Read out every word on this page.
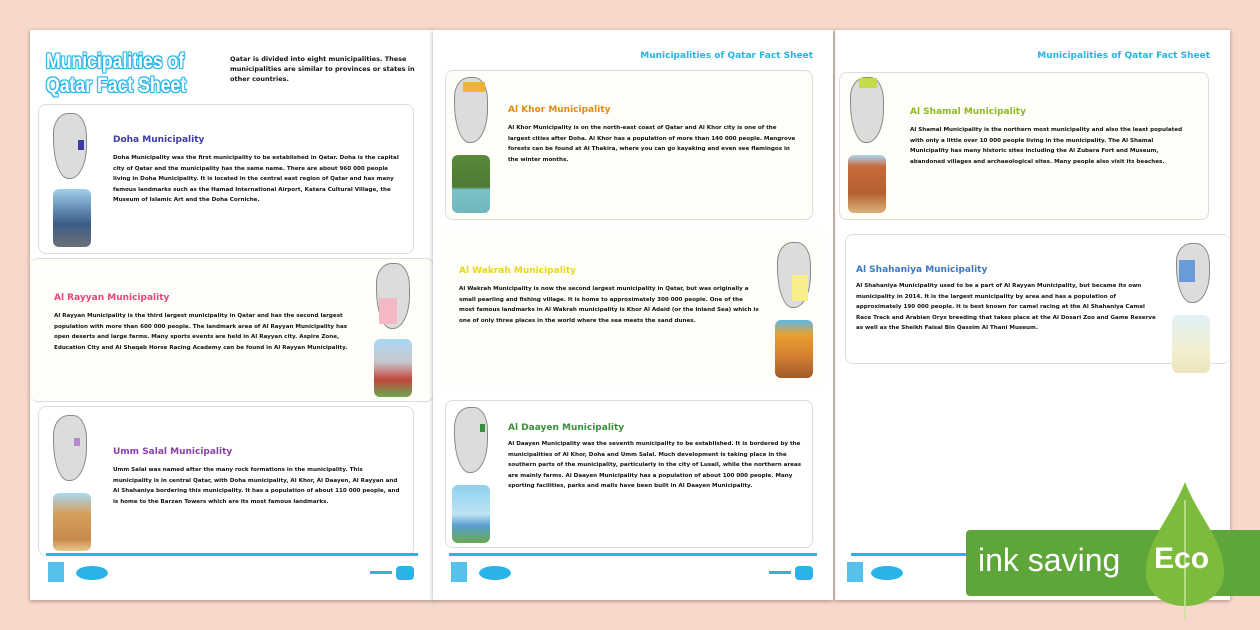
Municipalities of
Qatar Fact Sheet
Qatar is divided into eight municipalities. These municipalities are similar to provinces or states in other countries.
Doha Municipality

Doha Municipality was the first municipality to be established in Qatar. Doha is the capital city of Qatar and the municipality has the same name. There are about 960 000 people living in Doha Municipality. It is located in the central east region of Qatar and has many famous landmarks such as the Hamad International Airport, Katara Cultural Village, the Museum of Islamic Art and the Doha Corniche.

Al Rayyan Municipality

Al Rayyan Municipality is the third largest municipality in Qatar and has the second largest population with more than 600 000 people. The landmark area of Al Rayyan Municipality has open deserts and large farms. Many sports events are held in Al Rayyan city. Aspire Zone, Education City and Al Shaqab Horse Racing Academy can be found in Al Rayyan Municipality.

Umm Salal Municipality

Umm Salal was named after the many rock formations in the municipality. This municipality is in central Qatar, with Doha municipality, Al Khor, Al Daayen, Al Rayyan and Al Shahaniya bordering this municipality. It has a population of about 110 000 people, and is home to the Barzan Towers which are its most famous landmarks.

Municipalities of Qatar Fact Sheet
Al Khor Municipality

Al Khor Municipality is on the north-east coast of Qatar and Al Khor city is one of the largest cities after Doha. Al Khor has a population of more than 140 000 people. Mangrove forests can be found at Al Thakira, where you can go kayaking and even see flamingos in the winter months.

Al Wakrah Municipality

Al Wakrah Municipality is now the second largest municipality in Qatar, but was originally a small pearling and fishing village. It is home to approximately 300 000 people. One of the most famous landmarks in Al Wakrah municipality is Khor Al Adaid (or the Inland Sea) which is one of only three places in the world where the sea meets the sand dunes.

Al Daayen Municipality

Al Daayen Municipality was the seventh municipality to be established. It is bordered by the municipalities of Al Khor, Doha and Umm Salal. Much development is taking place in the southern parts of the municipality, particularly in the city of Lusail, while the northern areas are mainly farms. Al Daayen Municipality has a population of about 100 000 people. Many sporting facilities, parks and malls have been built in Al Daayen Municipality.

Municipalities of Qatar Fact Sheet
Al Shamal Municipality

Al Shamal Municipality is the northern most municipality and also the least populated with only a little over 10 000 people living in the municipality. The Al Shamal Municipality has many historic sites including the Al Zubara Fort and Museum, abandoned villages and archaeological sites. Many people also visit its beaches.

Al Shahaniya Municipality

Al Shahaniya Municipality used to be a part of Al Rayyan Municipality, but became its own municipality in 2014. It is the largest municipality by area and has a population of approximately 190 000 people. It is best known for camel racing at the Al Shahaniya Camel Race Track and Arabian Oryx breeding that takes place at the Al Dosari Zoo and Game Reserve as well as the Sheikh Faisal Bin Qassim Al Thani Museum.

ink saving Eco
